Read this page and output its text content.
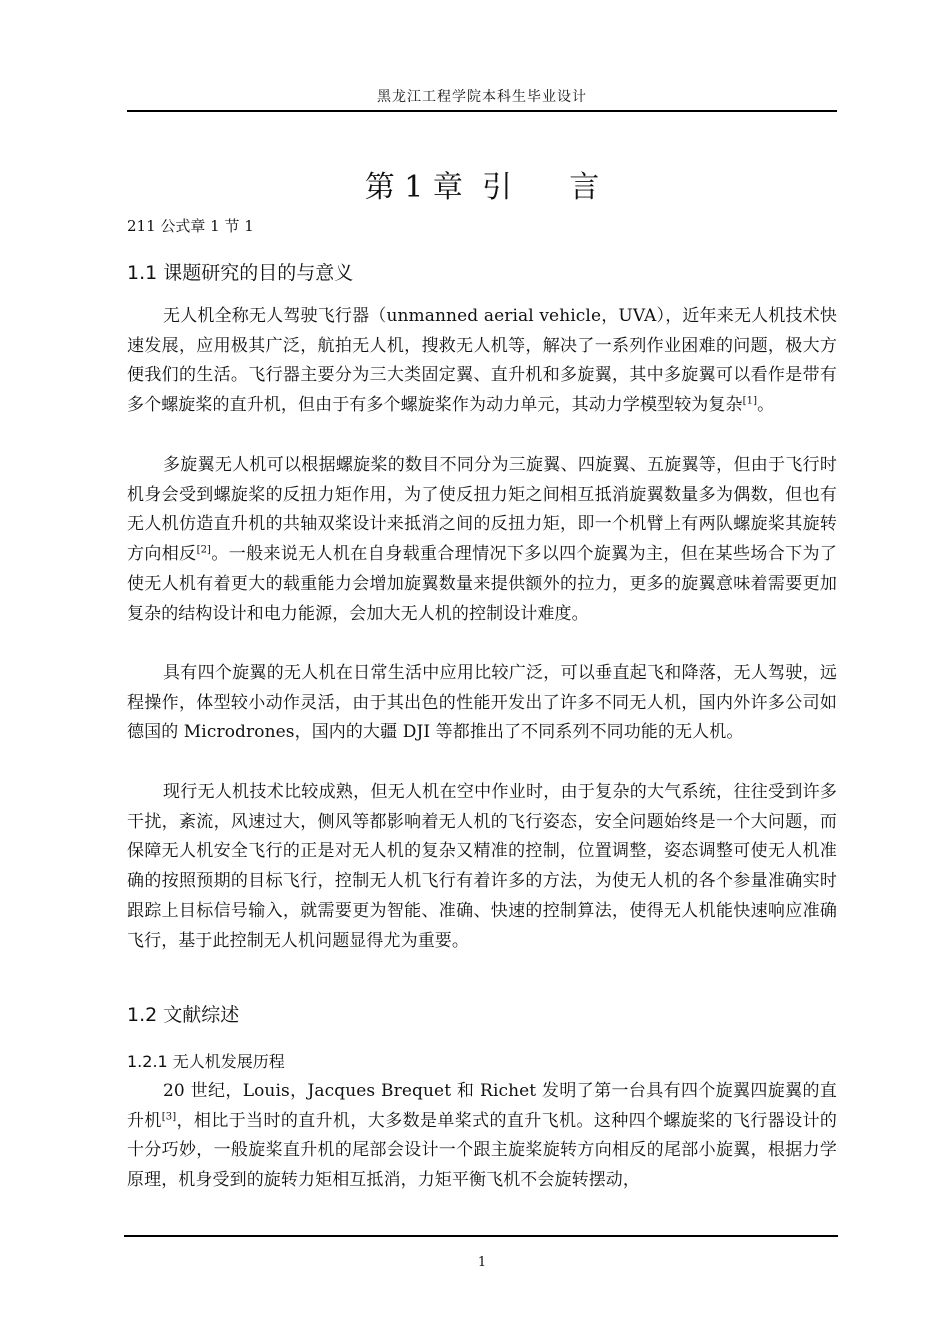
黑龙江工程学院本科生毕业设计
第 1 章  引      言
211 公式章 1 节 1
1.1 课题研究的目的与意义

无人机全称无人驾驶飞行器（unmanned aerial vehicle，UVA），近年来无人机技术快速发展，应用极其广泛，航拍无人机，搜救无人机等，解决了一系列作业困难的问题，极大方便我们的生活。飞行器主要分为三大类固定翼、直升机和多旋翼，其中多旋翼可以看作是带有多个螺旋桨的直升机，但由于有多个螺旋桨作为动力单元，其动力学模型较为复杂[1]。

多旋翼无人机可以根据螺旋桨的数目不同分为三旋翼、四旋翼、五旋翼等，但由于飞行时机身会受到螺旋桨的反扭力矩作用，为了使反扭力矩之间相互抵消旋翼数量多为偶数，但也有无人机仿造直升机的共轴双桨设计来抵消之间的反扭力矩，即一个机臂上有两队螺旋桨其旋转方向相反[2]。一般来说无人机在自身载重合理情况下多以四个旋翼为主，但在某些场合下为了使无人机有着更大的载重能力会增加旋翼数量来提供额外的拉力，更多的旋翼意味着需要更加复杂的结构设计和电力能源，会加大无人机的控制设计难度。

具有四个旋翼的无人机在日常生活中应用比较广泛，可以垂直起飞和降落，无人驾驶，远程操作，体型较小动作灵活，由于其出色的性能开发出了许多不同无人机，国内外许多公司如德国的 Microdrones，国内的大疆 DJI 等都推出了不同系列不同功能的无人机。

现行无人机技术比较成熟，但无人机在空中作业时，由于复杂的大气系统，往往受到许多干扰，紊流，风速过大，侧风等都影响着无人机的飞行姿态，安全问题始终是一个大问题，而保障无人机安全飞行的正是对无人机的复杂又精准的控制，位置调整，姿态调整可使无人机准确的按照预期的目标飞行，控制无人机飞行有着许多的方法，为使无人机的各个参量准确实时跟踪上目标信号输入，就需要更为智能、准确、快速的控制算法，使得无人机能快速响应准确飞行，基于此控制无人机问题显得尤为重要。

1.2 文献综述
1.2.1 无人机发展历程

20 世纪，Louis，Jacques Brequet 和 Richet 发明了第一台具有四个旋翼四旋翼的直升机[3]，相比于当时的直升机，大多数是单桨式的直升飞机。这种四个螺旋桨的飞行器设计的十分巧妙，一般旋桨直升机的尾部会设计一个跟主旋桨旋转方向相反的尾部小旋翼，根据力学原理，机身受到的旋转力矩相互抵消，力矩平衡飞机不会旋转摆动，

1
